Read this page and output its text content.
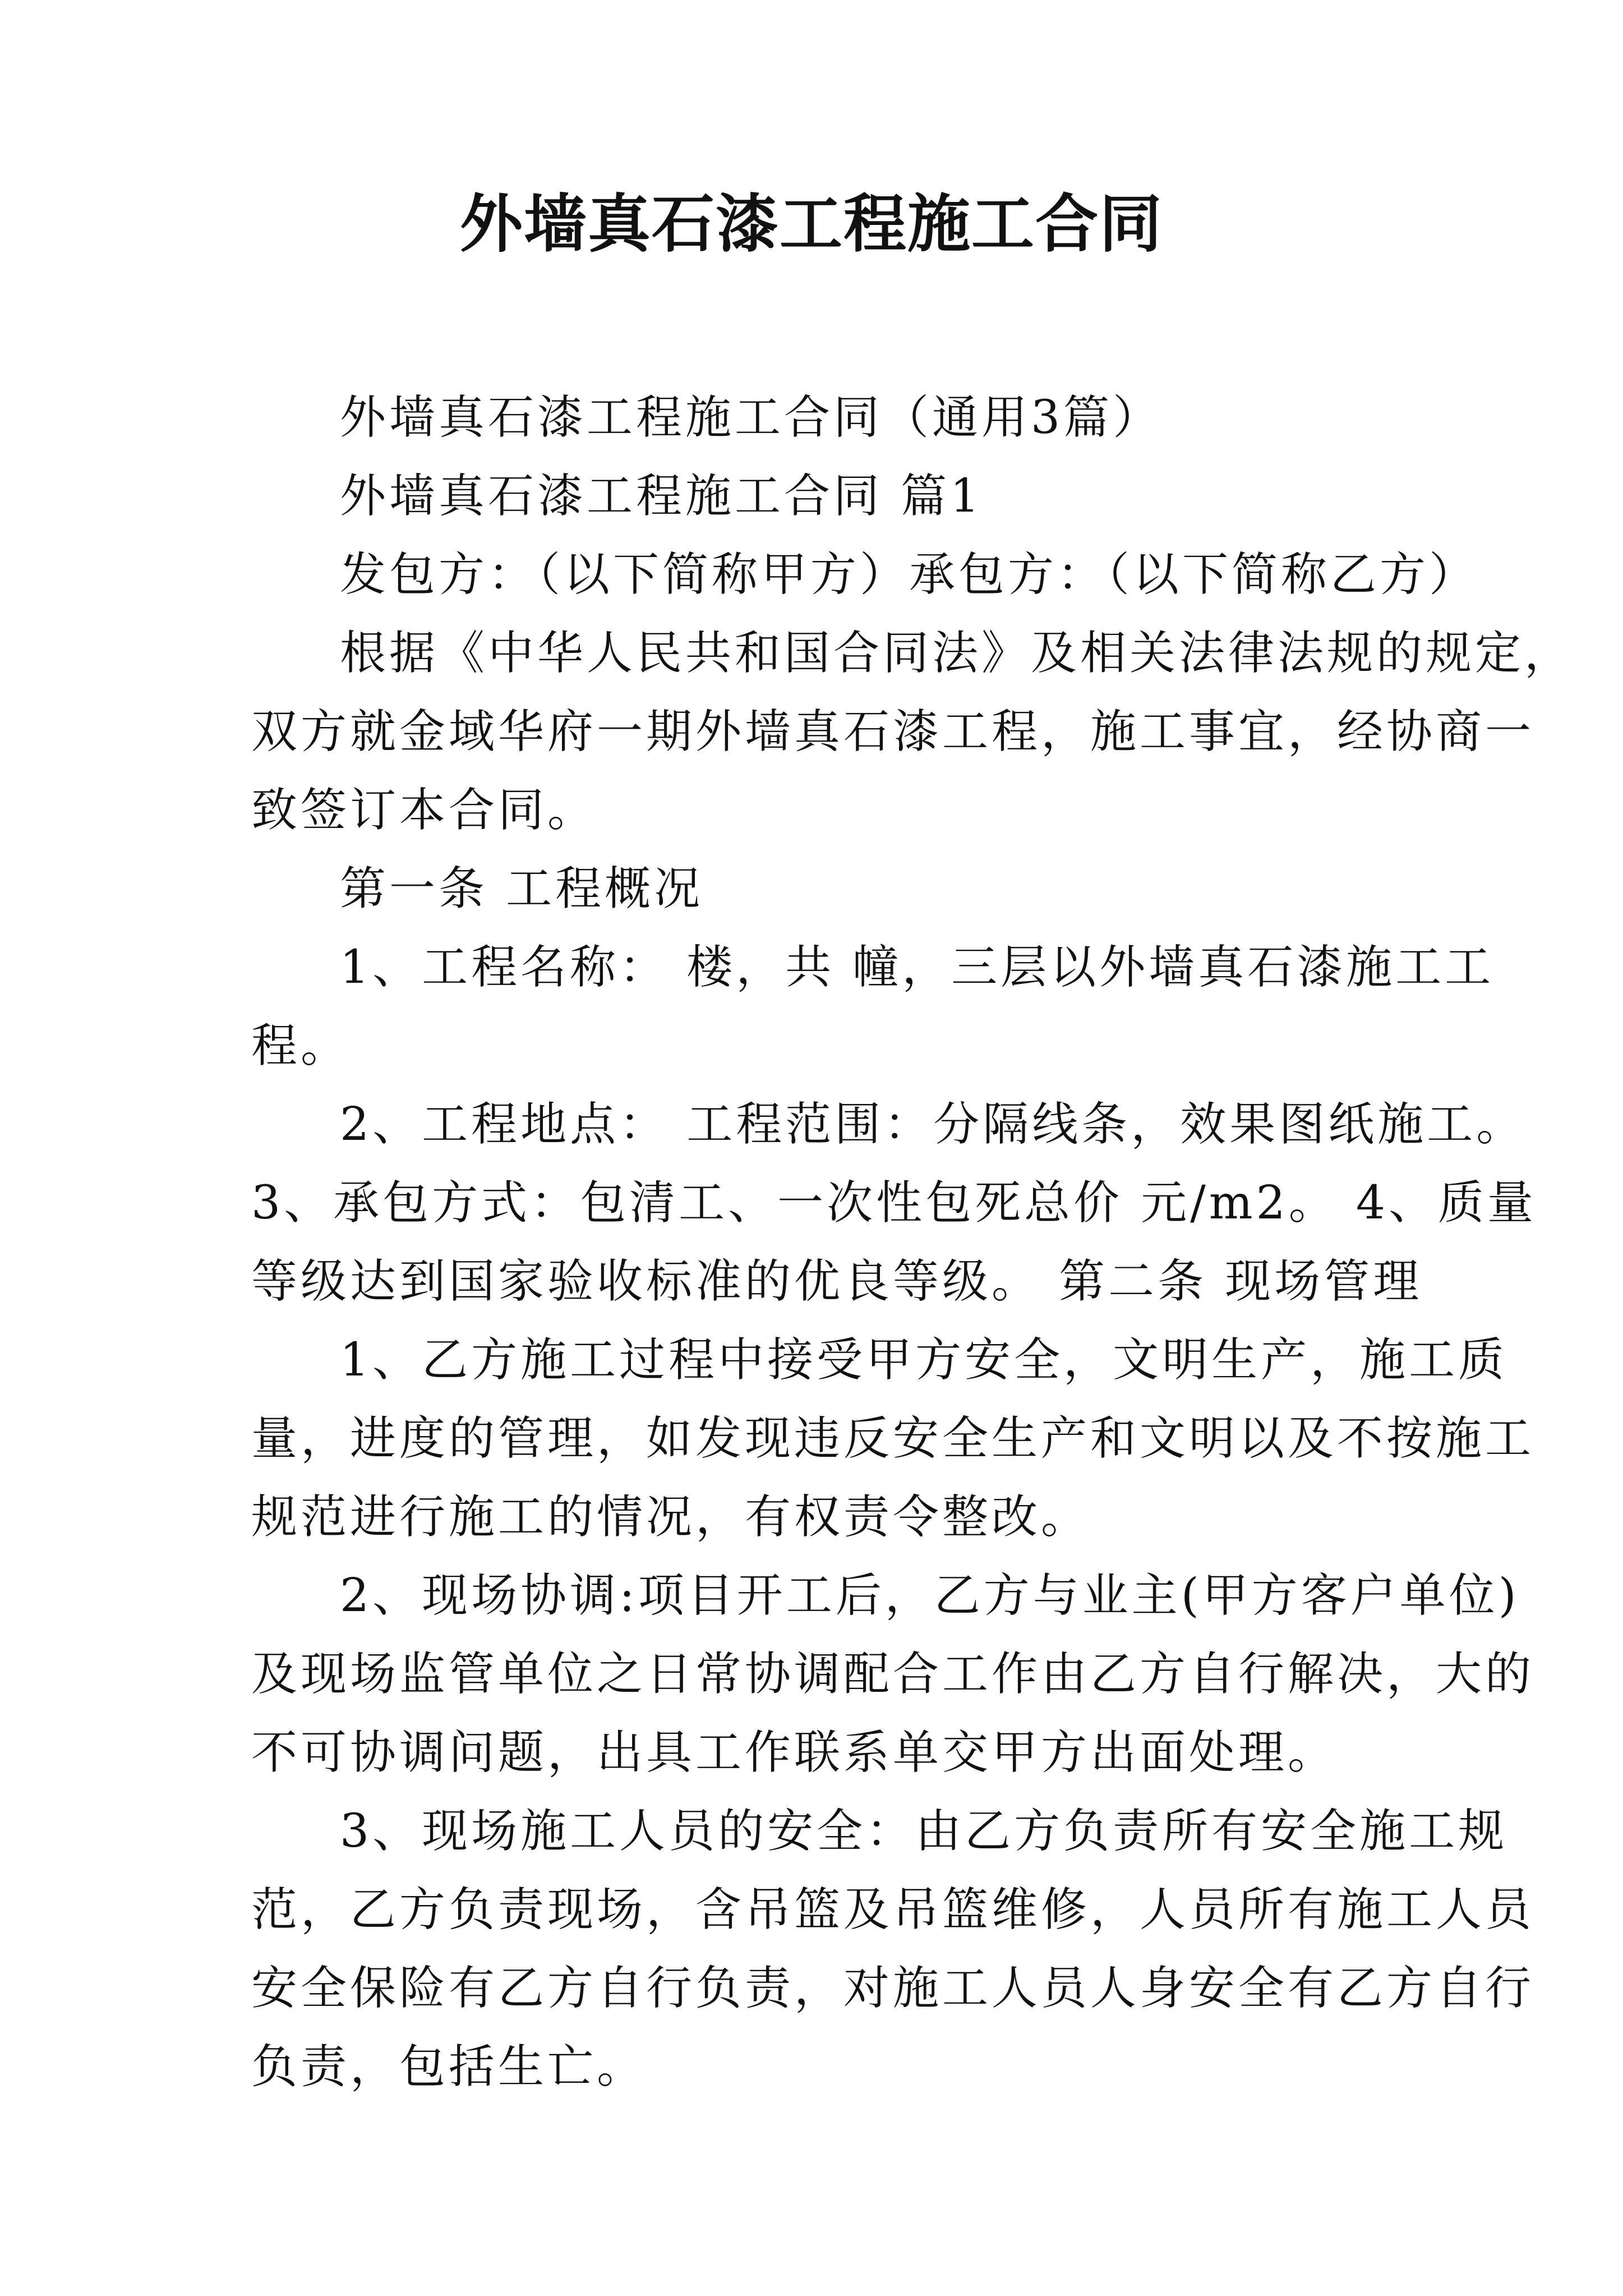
外墙真石漆工程施工合同

外墙真石漆工程施工合同（通用3篇）

外墙真石漆工程施工合同 篇1

发包方：（以下简称甲方）承包方：（以下简称乙方）

根据《中华人民共和国合同法》及相关法律法规的规定，

双方就金域华府一期外墙真石漆工程，施工事宜，经协商一

致签订本合同。

第一条 工程概况

1、工程名称： 楼，共 幢，三层以外墙真石漆施工工

程。

2、工程地点： 工程范围：分隔线条，效果图纸施工。

3、承包方式：包清工、一次性包死总价 元/m2。 4、质量

等级达到国家验收标准的优良等级。 第二条 现场管理

1、乙方施工过程中接受甲方安全，文明生产，施工质

量，进度的管理，如发现违反安全生产和文明以及不按施工

规范进行施工的情况，有权责令整改。

2、现场协调:项目开工后，乙方与业主(甲方客户单位)

及现场监管单位之日常协调配合工作由乙方自行解决，大的

不可协调问题，出具工作联系单交甲方出面处理。

3、现场施工人员的安全：由乙方负责所有安全施工规

范，乙方负责现场，含吊篮及吊篮维修，人员所有施工人员

安全保险有乙方自行负责，对施工人员人身安全有乙方自行

负责，包括生亡。
